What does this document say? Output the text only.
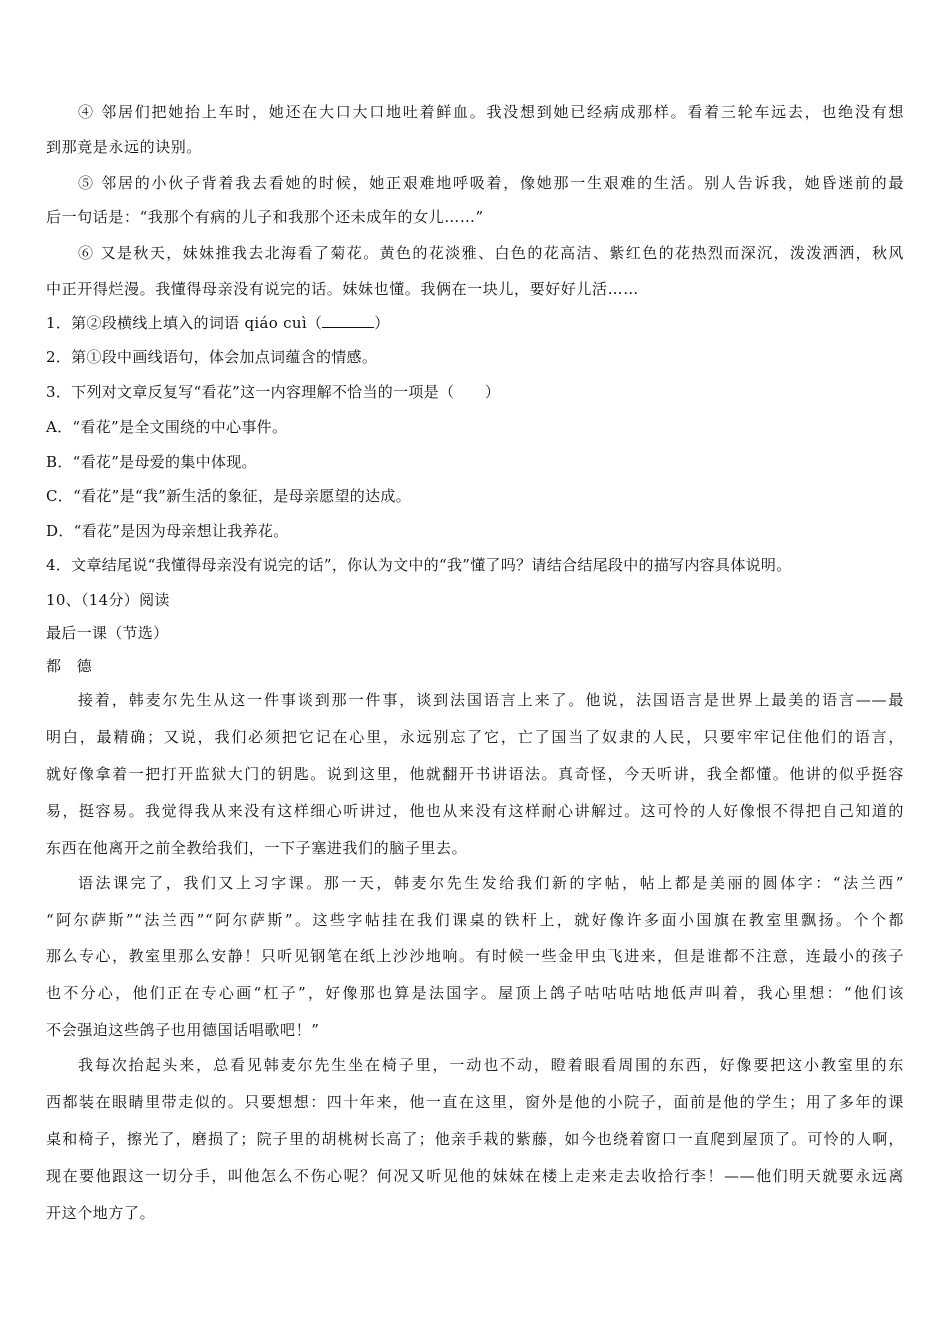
④ 邻居们把她抬上车时，她还在大口大口地吐着鲜血。我没想到她已经病成那样。看着三轮车远去，也绝没有想
到那竟是永远的诀别。
⑤ 邻居的小伙子背着我去看她的时候，她正艰难地呼吸着，像她那一生艰难的生活。别人告诉我，她昏迷前的最
后一句话是：“我那个有病的儿子和我那个还未成年的女儿……”
⑥ 又是秋天，妹妹推我去北海看了菊花。黄色的花淡雅、白色的花高洁、紫红色的花热烈而深沉，泼泼洒洒，秋风
中正开得烂漫。我懂得母亲没有说完的话。妹妹也懂。我俩在一块儿，要好好儿活……
1．第②段横线上填入的词语 qiáo cuì（	）
2．第①段中画线语句，体会加点词蕴含的情感。
3．下列对文章反复写“看花”这一内容理解不恰当的一项是（　　）
A．“看花”是全文围绕的中心事件。
B．“看花”是母爱的集中体现。
C．“看花”是“我”新生活的象征，是母亲愿望的达成。
D．“看花”是因为母亲想让我养花。
4．文章结尾说“我懂得母亲没有说完的话”，你认为文中的“我”懂了吗？请结合结尾段中的描写内容具体说明。
10、（14分）阅读
最后一课（节选）
都　德
接着，韩麦尔先生从这一件事谈到那一件事，谈到法国语言上来了。他说，法国语言是世界上最美的语言——最
明白，最精确；又说，我们必须把它记在心里，永远别忘了它，亡了国当了奴隶的人民，只要牢牢记住他们的语言，
就好像拿着一把打开监狱大门的钥匙。说到这里，他就翻开书讲语法。真奇怪，今天听讲，我全都懂。他讲的似乎挺容
易，挺容易。我觉得我从来没有这样细心听讲过，他也从来没有这样耐心讲解过。这可怜的人好像恨不得把自己知道的
东西在他离开之前全教给我们，一下子塞进我们的脑子里去。
语法课完了，我们又上习字课。那一天，韩麦尔先生发给我们新的字帖，帖上都是美丽的圆体字：“法兰西”
“阿尔萨斯”“法兰西”“阿尔萨斯”。这些字帖挂在我们课桌的铁杆上，就好像许多面小国旗在教室里飘扬。个个都
那么专心，教室里那么安静！只听见钢笔在纸上沙沙地响。有时候一些金甲虫飞进来，但是谁都不注意，连最小的孩子
也不分心，他们正在专心画“杠子”，好像那也算是法国字。屋顶上鸽子咕咕咕咕地低声叫着，我心里想：“他们该
不会强迫这些鸽子也用德国话唱歌吧！”
我每次抬起头来，总看见韩麦尔先生坐在椅子里，一动也不动，瞪着眼看周围的东西，好像要把这小教室里的东
西都装在眼睛里带走似的。只要想想：四十年来，他一直在这里，窗外是他的小院子，面前是他的学生；用了多年的课
桌和椅子，擦光了，磨损了；院子里的胡桃树长高了；他亲手栽的紫藤，如今也绕着窗口一直爬到屋顶了。可怜的人啊，
现在要他跟这一切分手，叫他怎么不伤心呢？何况又听见他的妹妹在楼上走来走去收拾行李！——他们明天就要永远离
开这个地方了。
